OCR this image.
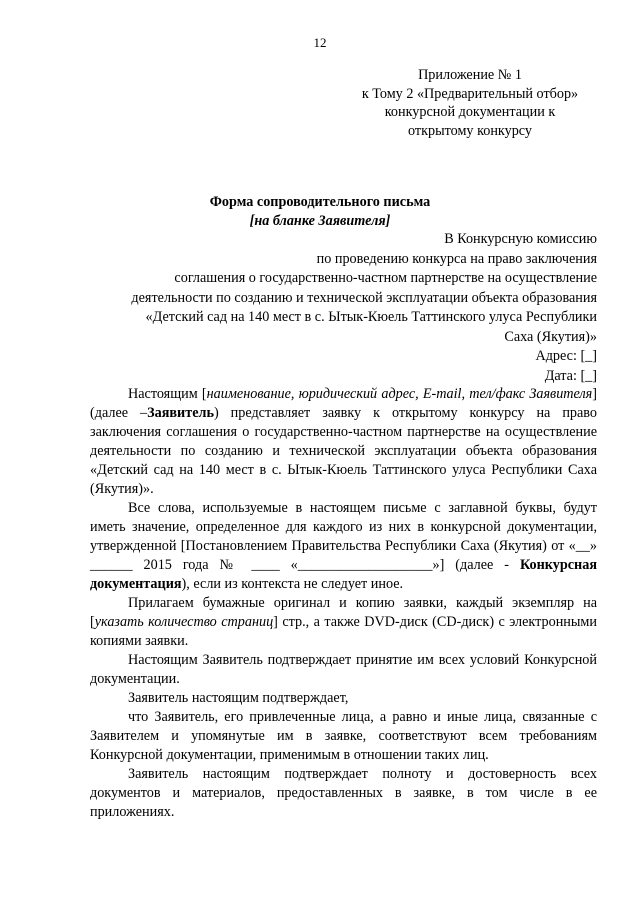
12
Приложение № 1
к Тому 2 «Предварительный отбор»
конкурсной документации к
открытому конкурсу
Форма сопроводительного письма
[на бланке Заявителя]
В Конкурсную комиссию
по проведению конкурса на право заключения
соглашения о государственно-частном партнерстве на осуществление
деятельности по созданию и технической эксплуатации объекта образования
«Детский сад на 140 мест в с. Ытык-Кюель Таттинского улуса Республики
Саха (Якутия)»
Адрес: [_]
Дата: [_]

Настоящим [наименование, юридический адрес, E-mail, тел/факс Заявителя] (далее –Заявитель) представляет заявку к открытому конкурсу на право заключения соглашения о государственно-частном партнерстве на осуществление деятельности по созданию и технической эксплуатации объекта образования «Детский сад на 140 мест в с. Ытык-Кюель Таттинского улуса Республики Саха (Якутия)».

Все слова, используемые в настоящем письме с заглавной буквы, будут иметь значение, определенное для каждого из них в конкурсной документации, утвержденной [Постановлением Правительства Республики Саха (Якутия) от «__» ______ 2015 года № ____ «___________________»] (далее - Конкурсная документация), если из контекста не следует иное.

Прилагаем бумажные оригинал и копию заявки, каждый экземпляр на [указать количество страниц] стр., а также DVD-диск (CD-диск) с электронными копиями заявки.

Настоящим Заявитель подтверждает принятие им всех условий Конкурсной документации.

Заявитель настоящим подтверждает,

что Заявитель, его привлеченные лица, а равно и иные лица, связанные с Заявителем и упомянутые им в заявке, соответствуют всем требованиям Конкурсной документации, применимым в отношении таких лиц.

Заявитель настоящим подтверждает полноту и достоверность всех документов и материалов, предоставленных в заявке, в том числе в ее приложениях.
